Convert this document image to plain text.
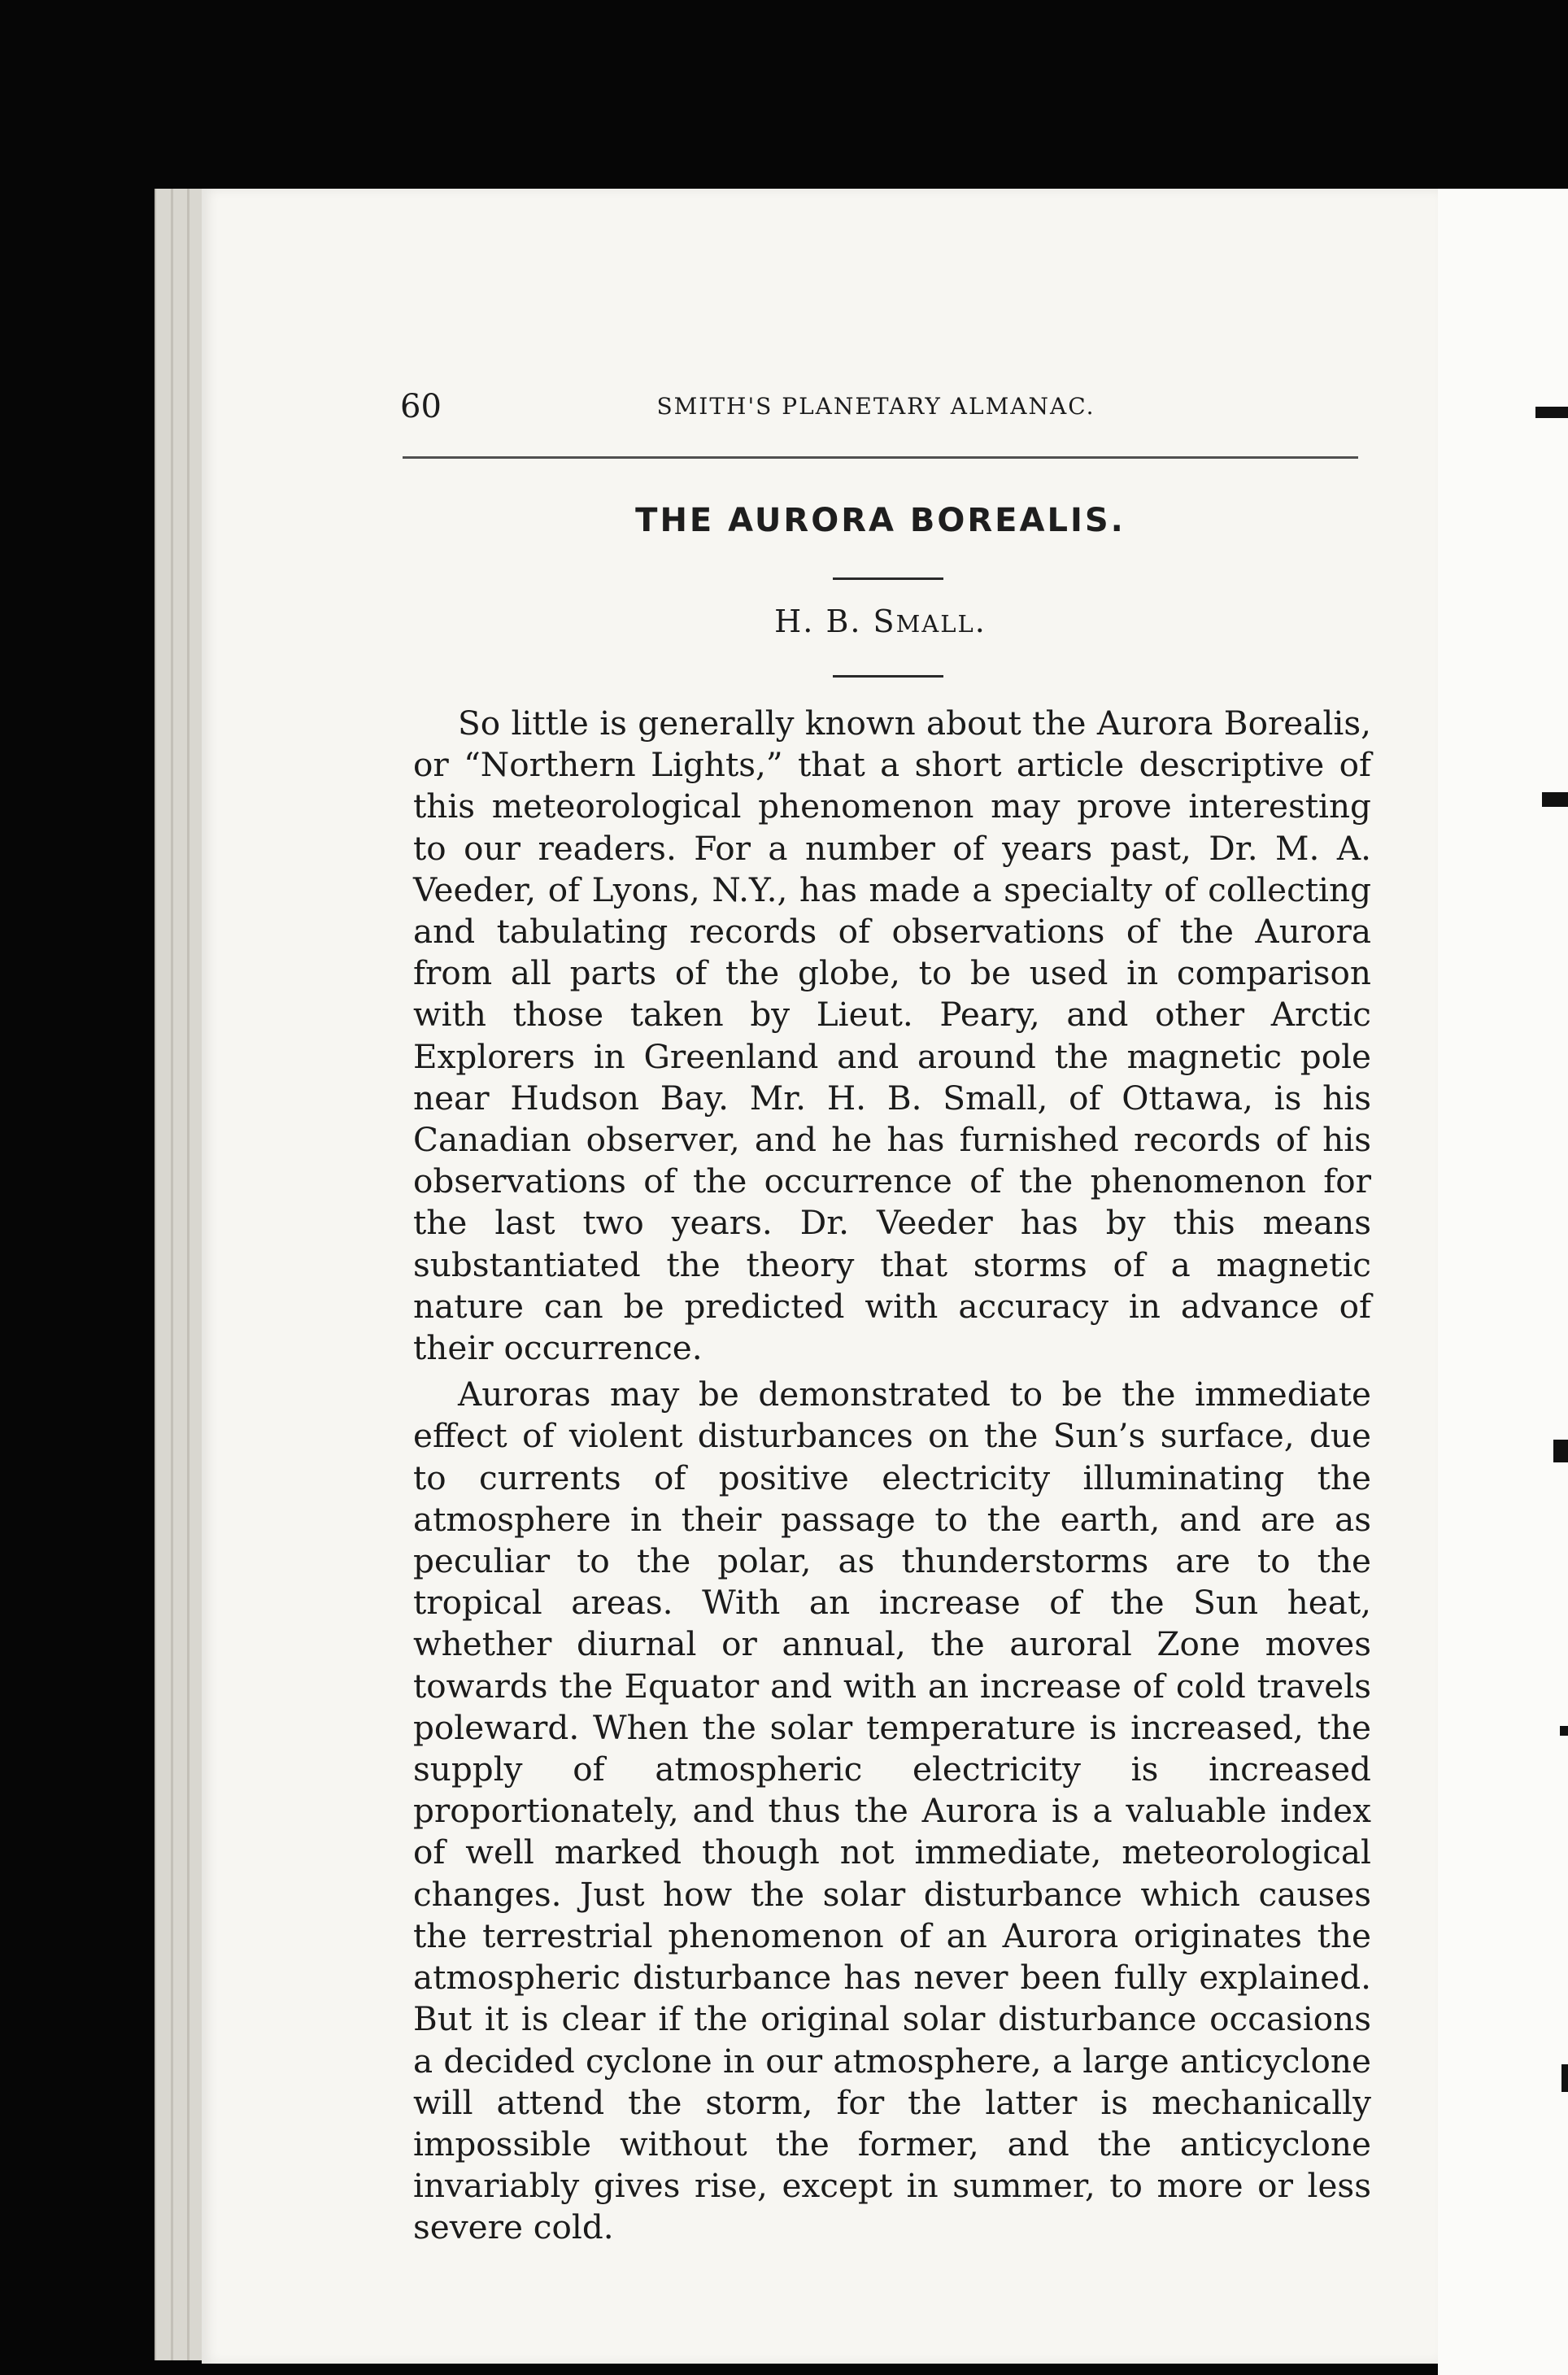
60	SMITH'S PLANETARY ALMANAC.
THE AURORA BOREALIS.
H. B. SMALL.

So little is generally known about the Aurora Borealis, or “Northern Lights,” that a short article descriptive of this meteorological phenomenon may prove interesting to our readers. For a number of years past, Dr. M. A. Veeder, of Lyons, N.Y., has made a specialty of collecting and tabulating records of observations of the Aurora from all parts of the globe, to be used in comparison with those taken by Lieut. Peary, and other Arctic Explorers in Greenland and around the magnetic pole near Hudson Bay. Mr. H. B. Small, of Ottawa, is his Canadian observer, and he has furnished records of his observations of the occurrence of the phenomenon for the last two years. Dr. Veeder has by this means substantiated the theory that storms of a magnetic nature can be predicted with accuracy in advance of their occurrence.

Auroras may be demonstrated to be the immediate effect of violent disturbances on the Sun’s surface, due to currents of positive electricity illuminating the atmosphere in their passage to the earth, and are as peculiar to the polar, as thunderstorms are to the tropical areas. With an increase of the Sun heat, whether diurnal or annual, the auroral Zone moves towards the Equator and with an increase of cold travels poleward. When the solar temperature is increased, the supply of atmospheric electricity is increased proportionately, and thus the Aurora is a valuable index of well marked though not immediate, meteorological changes. Just how the solar disturbance which causes the terrestrial phenomenon of an Aurora originates the atmospheric disturbance has never been fully explained. But it is clear if the original solar disturbance occasions a decided cyclone in our atmosphere, a large anticyclone will attend the storm, for the latter is mechanically impossible without the former, and the anticyclone invariably gives rise, except in summer, to more or less severe cold.
